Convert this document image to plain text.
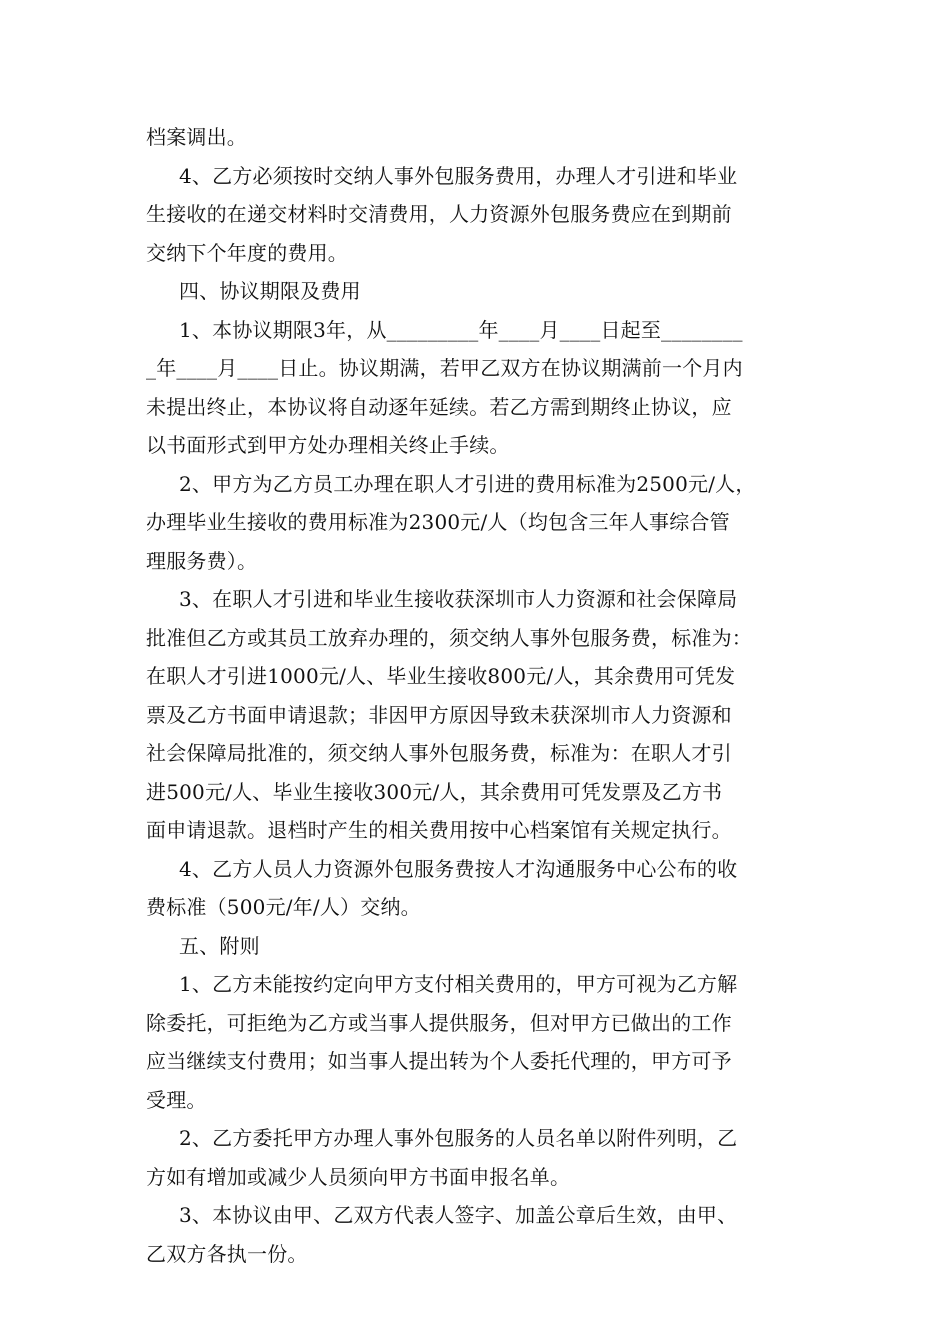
档案调出。
4、乙方必须按时交纳人事外包服务费用，办理人才引进和毕业
生接收的在递交材料时交清费用，人力资源外包服务费应在到期前
交纳下个年度的费用。
四、协议期限及费用
1、本协议期限3年，从_________年____月____日起至________
_年____月____日止。协议期满，若甲乙双方在协议期满前一个月内
未提出终止，本协议将自动逐年延续。若乙方需到期终止协议，应
以书面形式到甲方处办理相关终止手续。
2、甲方为乙方员工办理在职人才引进的费用标准为2500元/人，
办理毕业生接收的费用标准为2300元/人（均包含三年人事综合管
理服务费）。
3、在职人才引进和毕业生接收获深圳市人力资源和社会保障局
批准但乙方或其员工放弃办理的，须交纳人事外包服务费，标准为：
在职人才引进1000元/人、毕业生接收800元/人，其余费用可凭发
票及乙方书面申请退款；非因甲方原因导致未获深圳市人力资源和
社会保障局批准的，须交纳人事外包服务费，标准为：在职人才引
进500元/人、毕业生接收300元/人，其余费用可凭发票及乙方书
面申请退款。退档时产生的相关费用按中心档案馆有关规定执行。
4、乙方人员人力资源外包服务费按人才沟通服务中心公布的收
费标准（500元/年/人）交纳。
五、附则
1、乙方未能按约定向甲方支付相关费用的，甲方可视为乙方解
除委托，可拒绝为乙方或当事人提供服务，但对甲方已做出的工作
应当继续支付费用；如当事人提出转为个人委托代理的，甲方可予
受理。
2、乙方委托甲方办理人事外包服务的人员名单以附件列明，乙
方如有增加或减少人员须向甲方书面申报名单。
3、本协议由甲、乙双方代表人签字、加盖公章后生效，由甲、
乙双方各执一份。
